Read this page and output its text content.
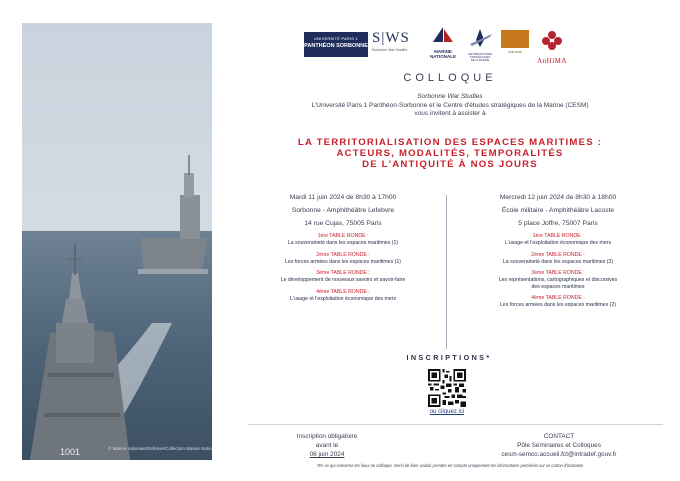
1001	© Marine nationale/Défense/Collection Marine Nationale
UNIVERSITÉ PARIS 1
PANTHÉON SORBONNE S|WS
Sorbonne War Studies	MARINE
NATIONALE	CENTRE D'ÉTUDES
STRATÉGIQUES
DE LA MARINE
UMR 8066
AnHiMA
COLLOQUE
Sorbonne War Studies
L'Université Paris 1 Panthéon-Sorbonne et le Centre d'études stratégiques de la Marine (CESM)
vous invitent à assister à
LA TERRITORIALISATION DES ESPACES MARITIMES :
ACTEURS, MODALITÉS, TEMPORALITÉS
DE L'ANTIQUITÉ À NOS JOURS
Mardi 11 juin 2024 de 8h30 à 17h00
Sorbonne - Amphithéâtre Lefebvre
14 rue Cujas, 75005 Paris
1ère TABLE RONDE :
La souveraineté dans les espaces maritimes (1)
2ème TABLE RONDE :
Les forces armées dans les espaces maritimes (1)
3ème TABLE RONDE :
Le développement de nouveaux savoirs et savoir-faire
4ème TABLE RONDE :
L'usage et l'exploitation économique des mers
Mercredi 12 juin 2024 de 8h30 à 18h00
École militaire - Amphithéâtre Lacoste
5 place Joffre, 75007 Paris
1ère TABLE RONDE :
L'usage et l'exploitation économique des mers
2ème TABLE RONDE :
La souveraineté dans les espaces maritimes (2)
3ème TABLE RONDE :
Les représentations, cartographiques et discursives
des espaces maritimes
4ème TABLE RONDE :
Les forces armées dans les espaces maritimes (2)
INSCRIPTIONS*
ou cliquez ici
Inscription obligatoire
avant le
06 juin 2024
CONTACT
Pôle Séminaires et Colloques
cesm-semco.accueil.fct@intradef.gouv.fr
*En ce qui concerne les lieux du colloque, merci de bien vouloir prendre en compte uniquement les informations précisées sur ce carton d'invitation
